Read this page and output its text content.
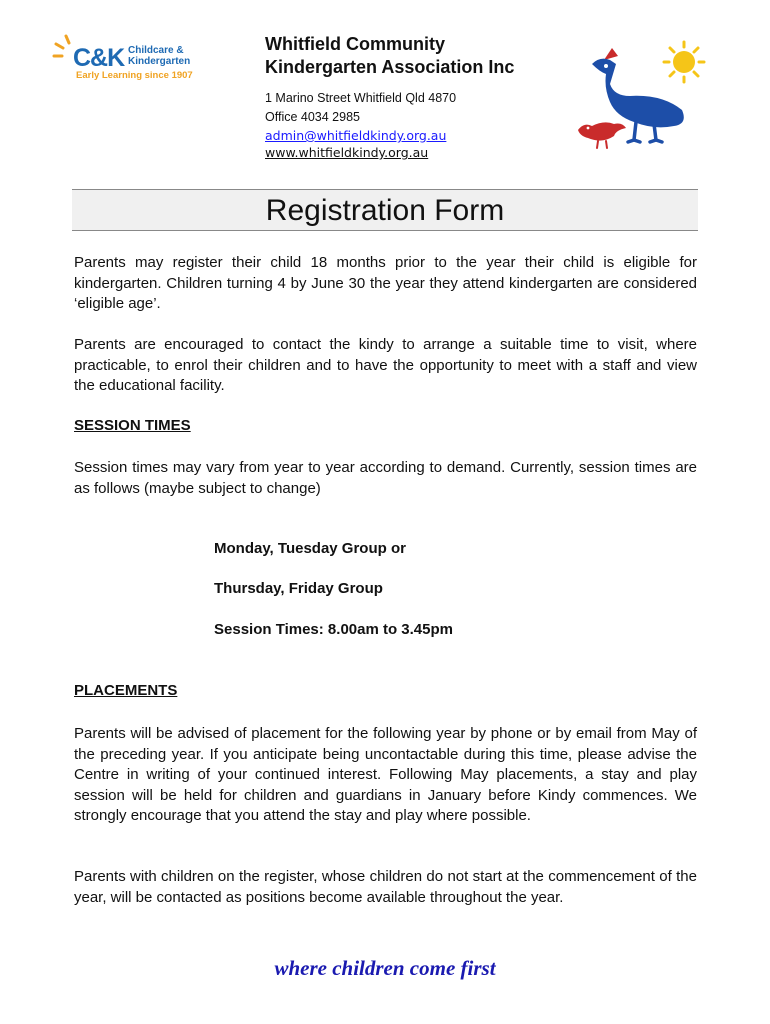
C&K Childcare &
Kindergarten
Early Learning since 1907
Whitfield Community
Kindergarten Association Inc
1 Marino Street Whitfield Qld 4870
Office 4034 2985
admin@whitfieldkindy.org.au
www.whitfieldkindy.org.au
Registration Form
Parents may register their child 18 months prior to the year their child is eligible for kindergarten. Children turning 4 by June 30 the year they attend kindergarten are considered ‘eligible age’.
Parents are encouraged to contact the kindy to arrange a suitable time to visit, where practicable, to enrol their children and to have the opportunity to meet with a staff and view the educational facility.
SESSION TIMES
Session times may vary from year to year according to demand. Currently, session times are as follows (maybe subject to change)
Monday, Tuesday Group or
Thursday, Friday Group
Session Times: 8.00am to 3.45pm
PLACEMENTS
Parents will be advised of placement for the following year by phone or by email from May of the preceding year. If you anticipate being uncontactable during this time, please advise the Centre in writing of your continued interest. Following May placements, a stay and play session will be held for children and guardians in January before Kindy commences. We strongly encourage that you attend the stay and play where possible.
Parents with children on the register, whose children do not start at the commencement of the year, will be contacted as positions become available throughout the year.
where children come first
